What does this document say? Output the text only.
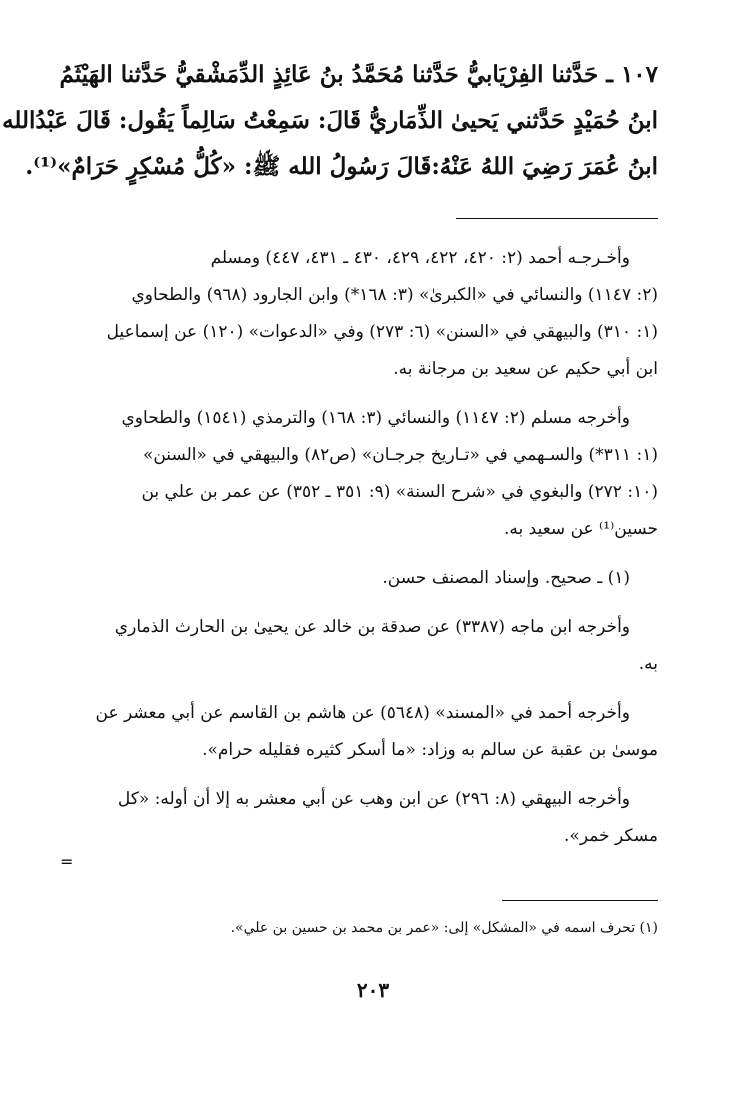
١٠٧ ـ حَدَّثنا الفِرْيَابيُّ حَدَّثنا مُحَمَّدُ بنُ عَائِذٍ الدِّمَشْقيُّ حَدَّثنا الهَيْثَمُ

ابنُ حُمَيْدٍ حَدَّثني يَحيىٰ الذِّمَاريُّ قَالَ: سَمِعْتُ سَالِماً يَقُول: قَالَ عَبْدُالله

ابنُ عُمَرَ رَضِيَ اللهُ عَنْهُ:قَالَ رَسُولُ الله ﷺ: «كُلُّ مُسْكِرٍ حَرَامٌ»⁽¹⁾.

وأخـرجـه أحمد (٢: ٤٢٠، ٤٢٢، ٤٢٩، ٤٣٠ ـ ٤٣١، ٤٤٧) ومسلم
(٢: ١١٤٧) والنسائي في «الكبرىٰ» (٣: ١٦٨*) وابن الجارود (٩٦٨) والطحاوي
(١: ٣١٠) والبيهقي في «السنن» (٦: ٢٧٣) وفي «الدعوات» (١٢٠) عن إسماعيل
ابن أبي حكيم عن سعيد بن مرجانة به.
وأخرجه مسلم (٢: ١١٤٧) والنسائي (٣: ١٦٨) والترمذي (١٥٤١) والطحاوي
(١: ٣١١*) والسـهمي في «تـاريخ جرجـان» (ص٨٢) والبيهقي في «السنن»
(١٠: ٢٧٢) والبغوي في «شرح السنة» (٩: ٣٥١ ـ ٣٥٢) عن عمر بن علي بن
حسين⁽¹⁾ عن سعيد به.
(١) ـ صحيح. وإسناد المصنف حسن.
وأخرجه ابن ماجه (٣٣٨٧) عن صدقة بن خالد عن يحيىٰ بن الحارث الذماري
به.
وأخرجه أحمد في «المسند» (٥٦٤٨) عن هاشم بن القاسم عن أبي معشر عن
موسىٰ بن عقبة عن سالم به وزاد: «ما أسكر كثيره فقليله حرام».
وأخرجه البيهقي (٨: ٢٩٦) عن ابن وهب عن أبي معشر به إلا أن أوله: «كل
مسكر خمر».
(١) تحرف اسمه في «المشكل» إلى: «عمر بن محمد بن حسين بن علي».
٢٠٣
=
